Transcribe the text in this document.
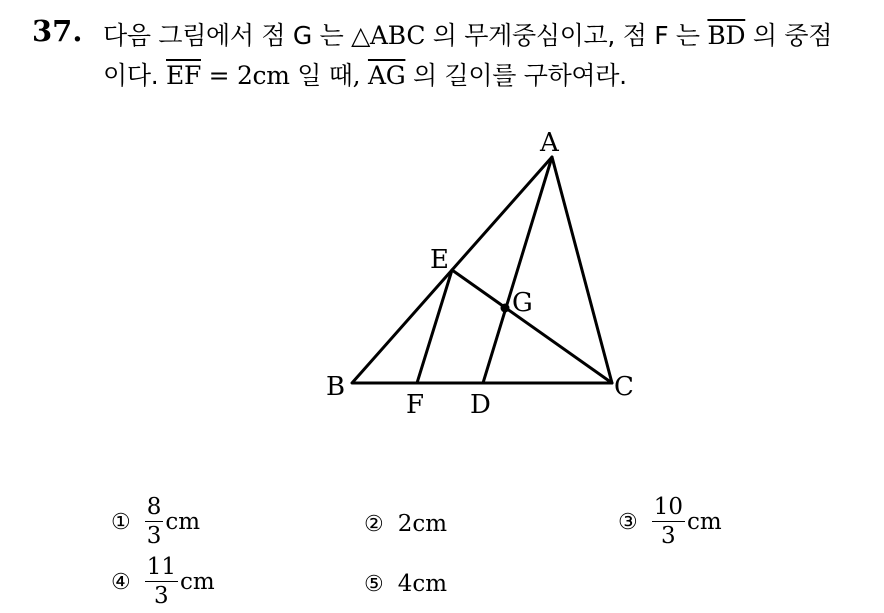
37. 다음 그림에서 점 G 는 △ABC 의 무게중심이고, 점 F 는 $\overline{BD}$ 의 중점
이다. $\overline{EF} = 2cm$ 일 때, $\overline{AG}$ 의 길이를 구하여라.
A
B	C
D
E
F
G
① $\frac{8}{3}$ cm	② 2cm	③ $\frac{10}{3}$ cm
④ $\frac{11}{3}$ cm	⑤ 4cm
